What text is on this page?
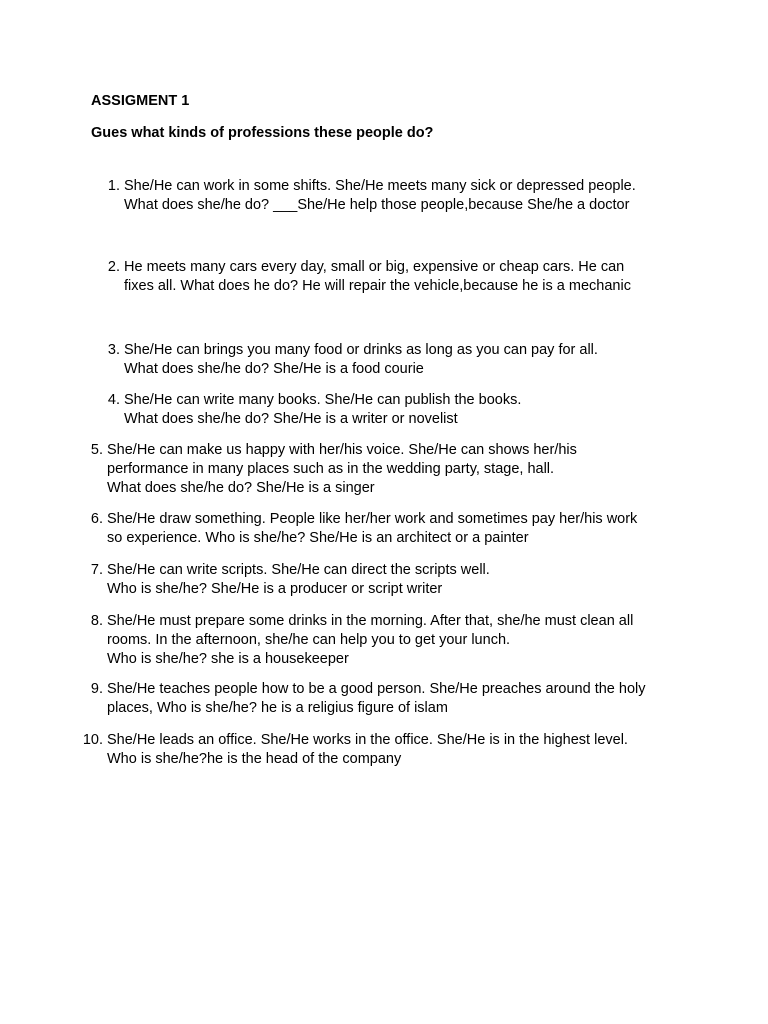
ASSIGMENT 1
Gues what kinds of professions these people do?
1. She/He can work in some shifts. She/He meets many sick or depressed people.
What does she/he do? ___She/He help those people,because She/he a doctor
2. He meets many cars every day, small or big, expensive or cheap cars. He can
fixes all. What does he do? He will repair the vehicle,because he is a mechanic
3. She/He can brings you many food or drinks as long as you can pay for all.
What does she/he do? She/He is a food courie
4. She/He can write many books. She/He can publish the books.
What does she/he do? She/He is a writer or novelist
5. She/He can make us happy with her/his voice. She/He can shows her/his
performance in many places such as in the wedding party, stage, hall.
What does she/he do? She/He is a singer
6. She/He draw something. People like her/her work and sometimes pay her/his work
so experience. Who is she/he? She/He is an architect or a painter
7. She/He can write scripts. She/He can direct the scripts well.
Who is she/he? She/He is a producer or script writer
8. She/He must prepare some drinks in the morning. After that, she/he must clean all
rooms. In the afternoon, she/he can help you to get your lunch.
Who is she/he? she is a housekeeper
9. She/He teaches people how to be a good person. She/He preaches around the holy
places, Who is she/he? he is a religius figure of islam
10. She/He leads an office. She/He works in the office. She/He is in the highest level.
Who is she/he?he is the head of the company
